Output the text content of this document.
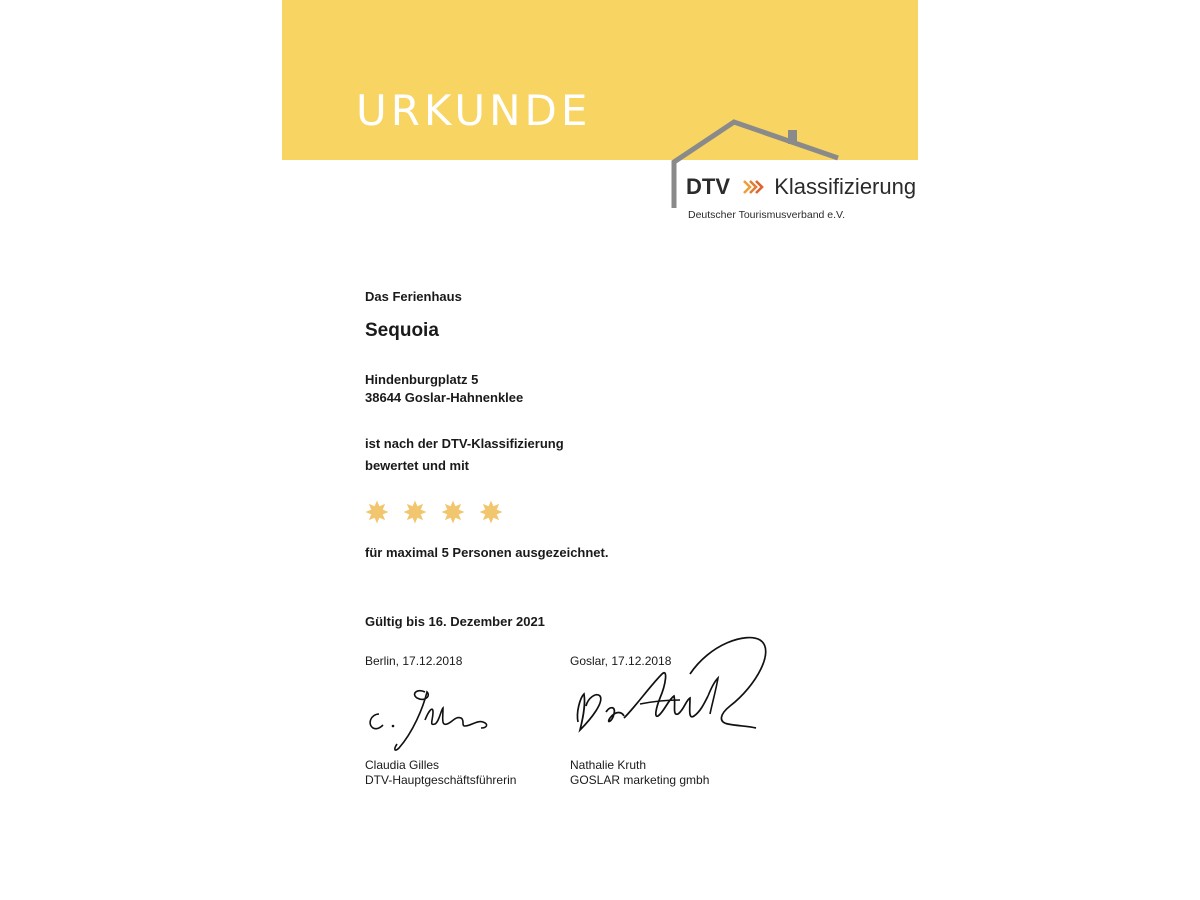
URKUNDE
DTV Klassifizierung
Deutscher Tourismusverband e.V.
Das Ferienhaus
Sequoia
Hindenburgplatz 5
38644 Goslar-Hahnenklee
ist nach der DTV-Klassifizierung
bewertet und mit
für maximal 5 Personen ausgezeichnet.
Gültig bis 16. Dezember 2021
Berlin, 17.12.2018
Claudia Gilles
DTV-Hauptgeschäftsführerin
Goslar, 17.12.2018
Nathalie Kruth
GOSLAR marketing gmbh
